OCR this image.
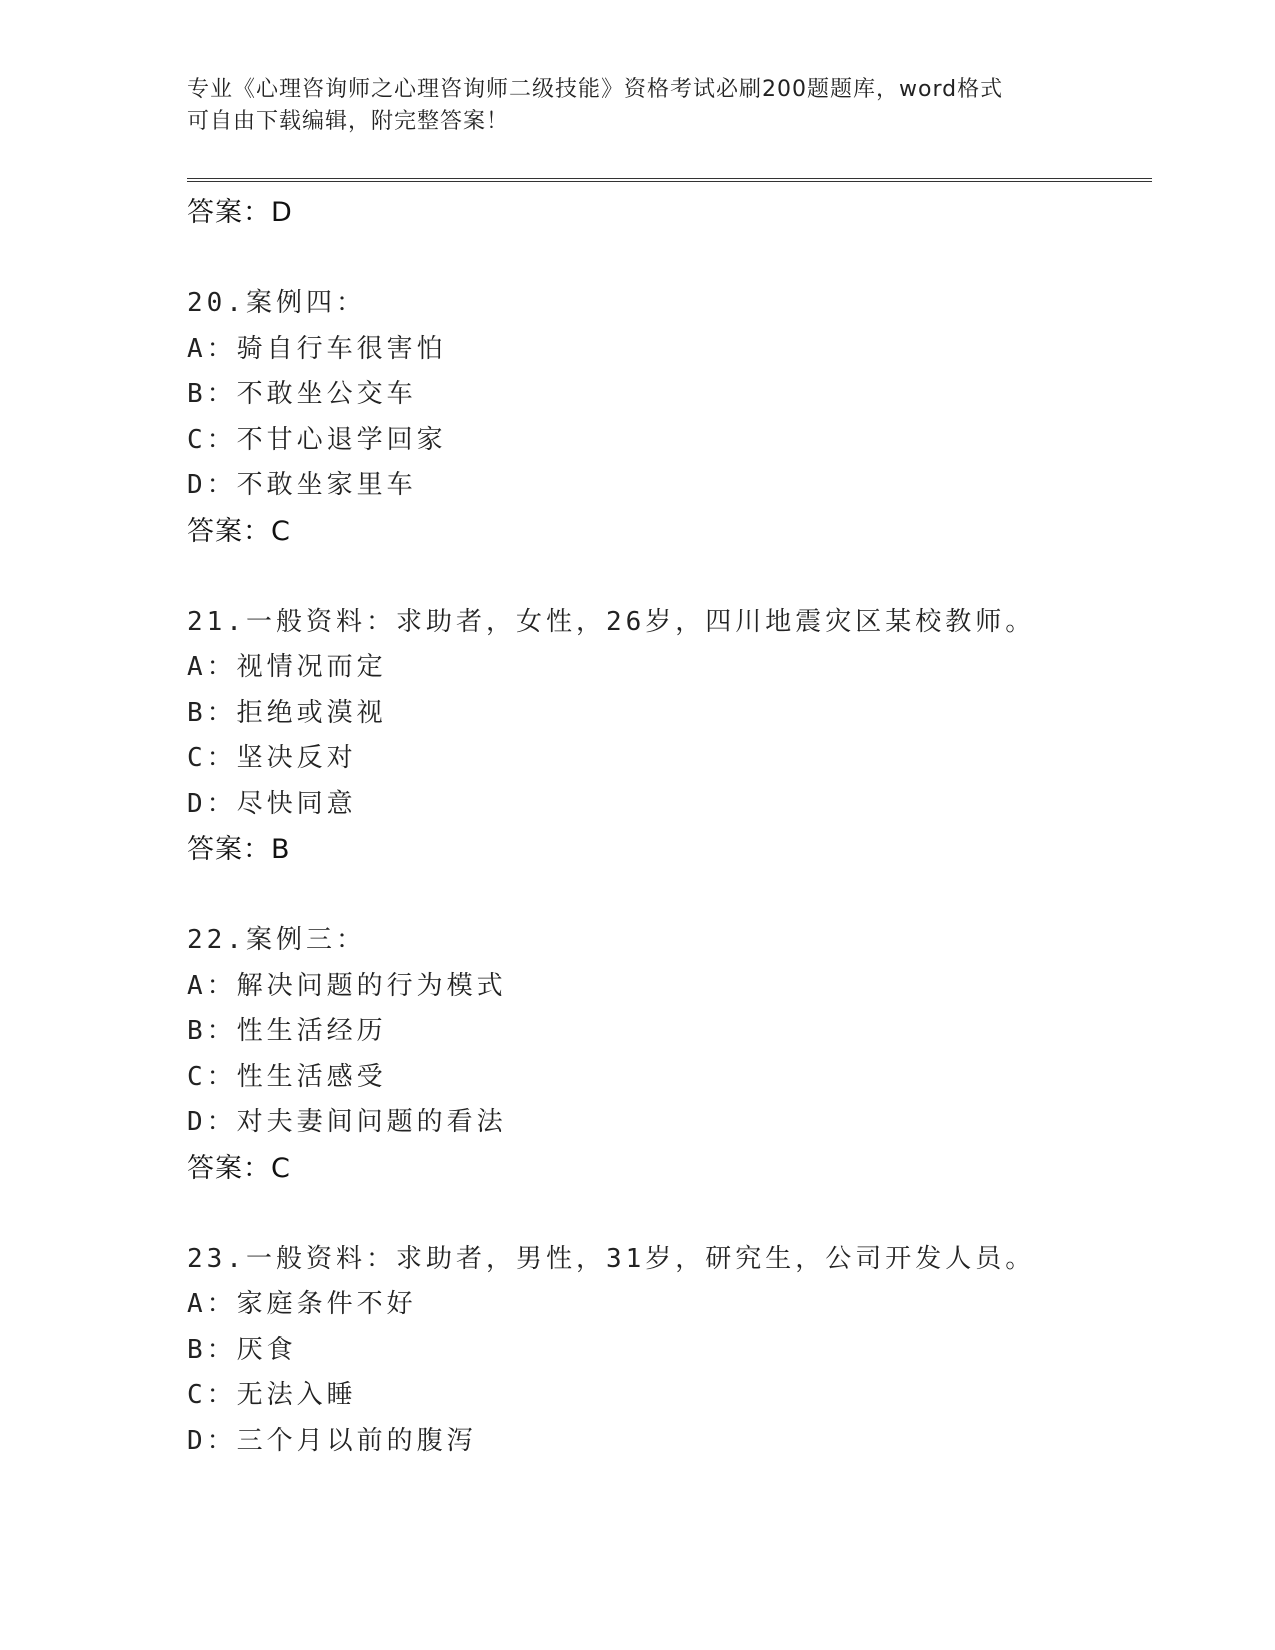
专业《心理咨询师之心理咨询师二级技能》资格考试必刷200题题库，word格式
可自由下载编辑，附完整答案！
答案：D
20.案例四：
A：骑自行车很害怕
B：不敢坐公交车
C：不甘心退学回家
D：不敢坐家里车
答案：C
21.一般资料：求助者，女性，26岁，四川地震灾区某校教师。
A：视情况而定
B：拒绝或漠视
C：坚决反对
D：尽快同意
答案：B
22.案例三：
A：解决问题的行为模式
B：性生活经历
C：性生活感受
D：对夫妻间问题的看法
答案：C
23.一般资料：求助者，男性，31岁，研究生，公司开发人员。
A：家庭条件不好
B：厌食
C：无法入睡
D：三个月以前的腹泻
